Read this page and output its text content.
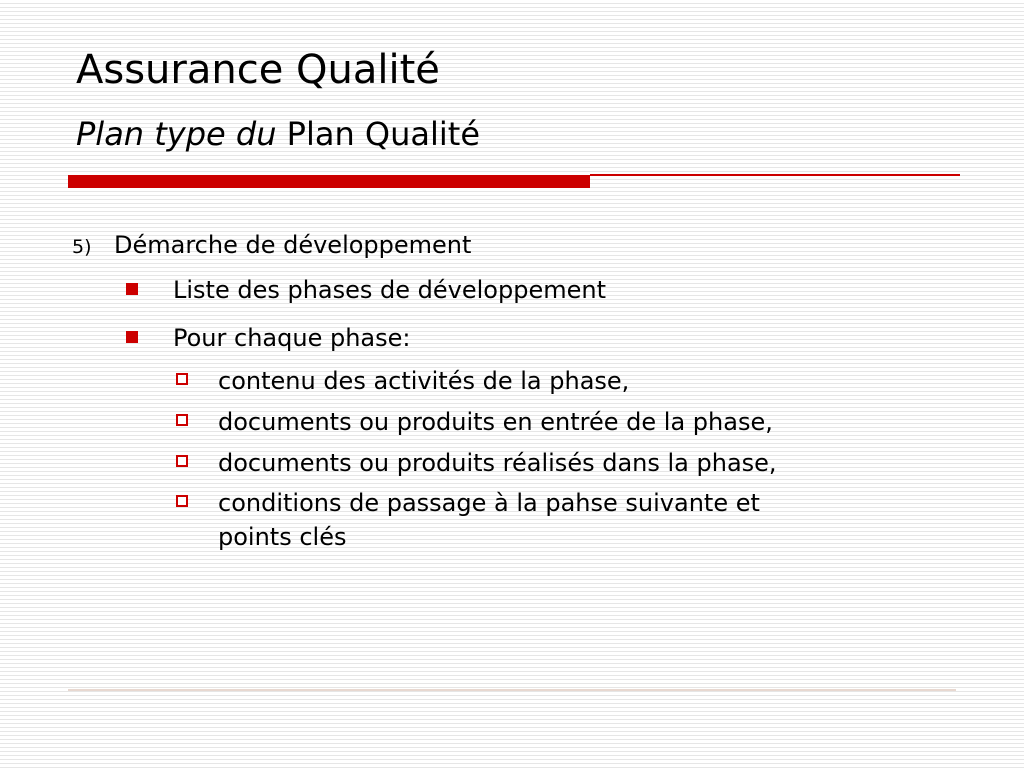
Assurance Qualité
Plan type du Plan Qualité
5) Démarche de développement
Liste des phases de développement
Pour chaque phase:
contenu des activités de la phase,
documents ou produits en entrée de la phase,
documents ou produits réalisés dans la phase,
conditions de passage à la pahse suivante et
points clés
